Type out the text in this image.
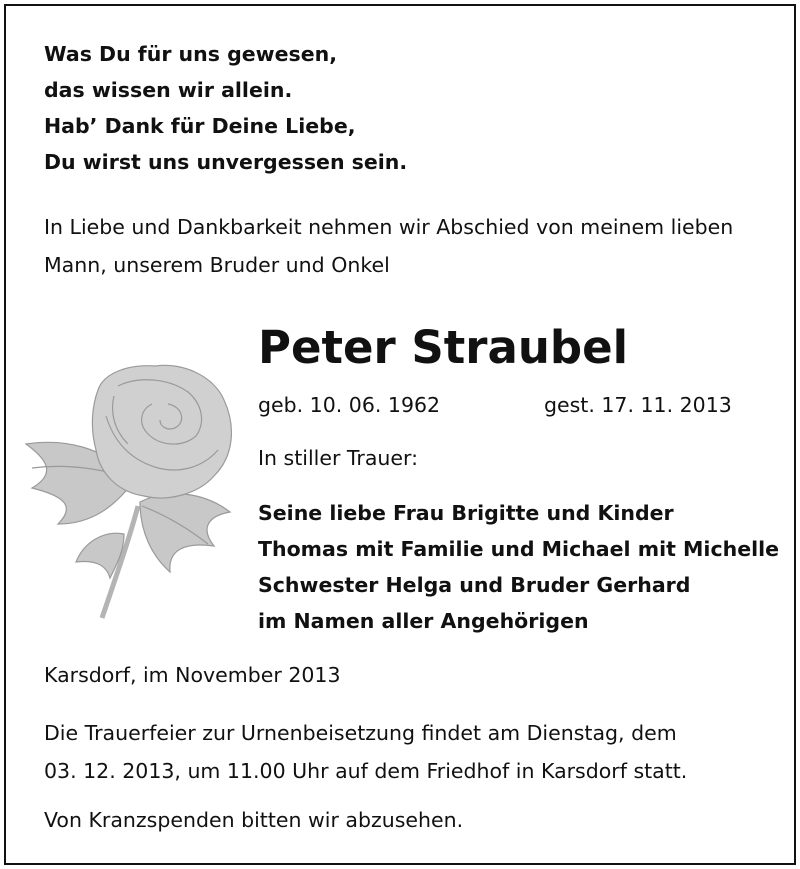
Was Du für uns gewesen,
das wissen wir allein.
Hab’ Dank für Deine Liebe,
Du wirst uns unvergessen sein.
In Liebe und Dankbarkeit nehmen wir Abschied von meinem lieben
Mann, unserem Bruder und Onkel
Peter Straubel
geb. 10. 06. 1962	gest. 17. 11. 2013
In stiller Trauer:
Seine liebe Frau Brigitte und Kinder
Thomas mit Familie und Michael mit Michelle
Schwester Helga und Bruder Gerhard
im Namen aller Angehörigen
Karsdorf, im November 2013
Die Trauerfeier zur Urnenbeisetzung findet am Dienstag, dem
03. 12. 2013, um 11.00 Uhr auf dem Friedhof in Karsdorf statt.
Von Kranzspenden bitten wir abzusehen.
